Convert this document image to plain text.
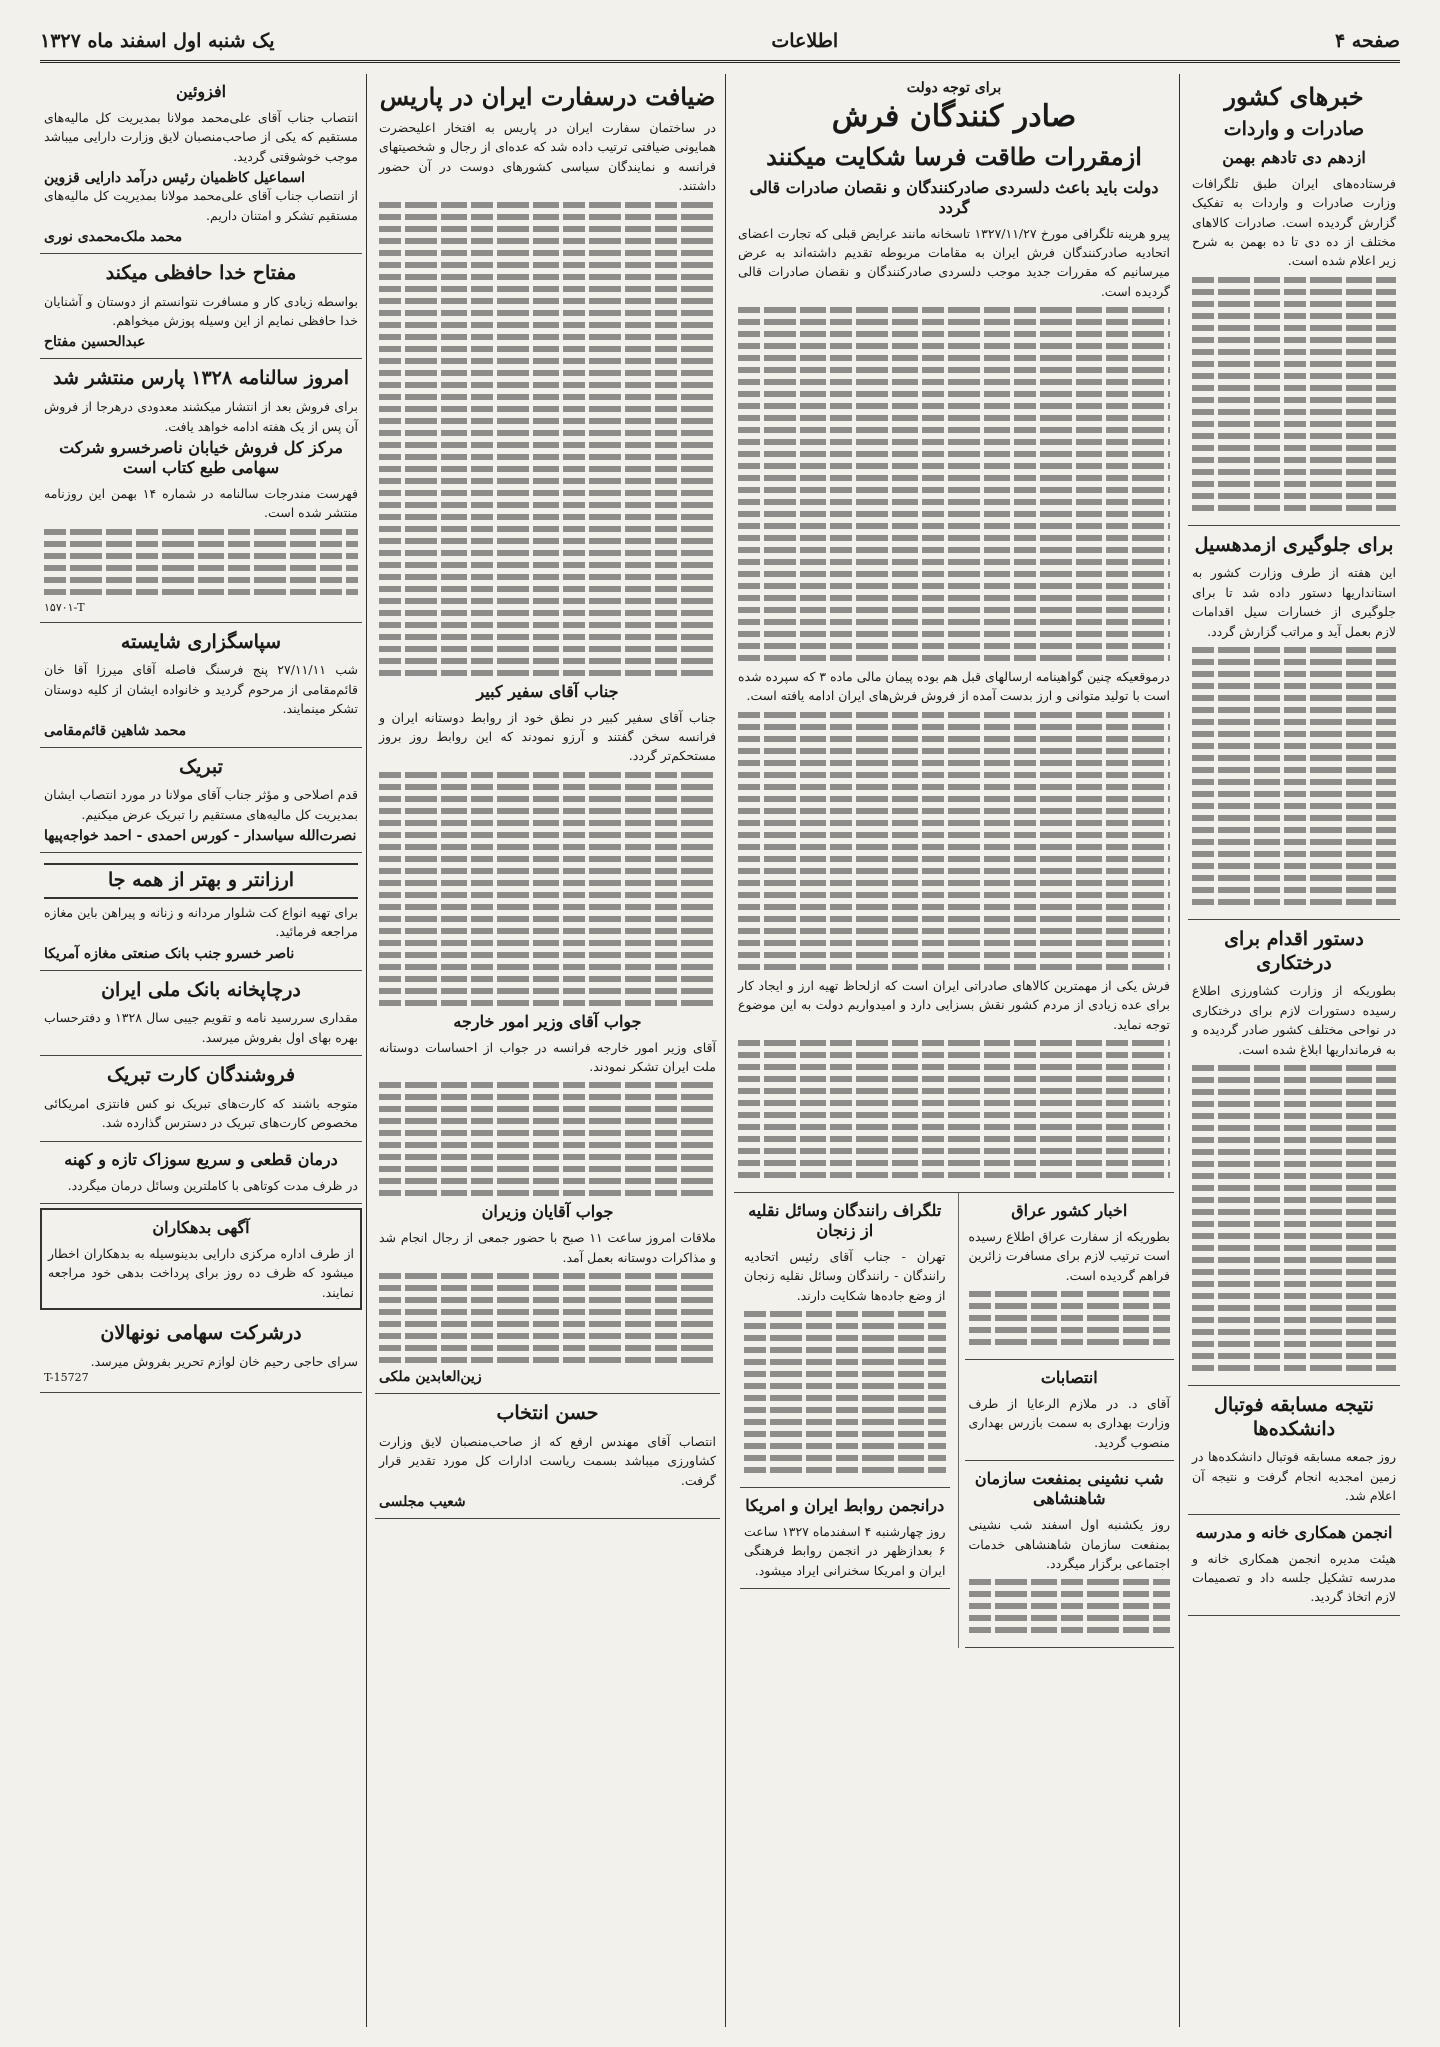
صفحه ۴
اطلاعات
یک شنبه اول اسفند ماه ۱۳۲۷
خبرهای کشور
صادرات و واردات
ازدهم دی تادهم بهمن
فرستاده‌های ایران طبق تلگرافات وزارت صادرات و واردات به تفکیک گزارش گردیده است. صادرات کالاهای مختلف از ده دی تا ده بهمن به شرح زیر اعلام شده است.
برای جلوگیری ازمدهسیل
این هفته از طرف وزارت کشور به استانداریها دستور داده شد تا برای جلوگیری از خسارات سیل اقدامات لازم بعمل آید و مراتب گزارش گردد.
دستور اقدام برای درختکاری
بطوریکه از وزارت کشاورزی اطلاع رسیده دستورات لازم برای درختکاری در نواحی مختلف کشور صادر گردیده و به فرمانداریها ابلاغ شده است.
نتیجه مسابقه فوتبال دانشکده‌ها
روز جمعه مسابقه فوتبال دانشکده‌ها در زمین امجدیه انجام گرفت و نتیجه آن اعلام شد.
انجمن همکاری خانه و مدرسه
هیئت مدیره انجمن همکاری خانه و مدرسه تشکیل جلسه داد و تصمیمات لازم اتخاذ گردید.
برای توجه دولت
صادر کنندگان فرش
ازمقررات طاقت فرسا شکایت میکنند
دولت باید باعث دلسردی صادرکنندگان و نقصان صادرات قالی گردد
پیرو هرینه تلگرافی مورخ ۱۳۲۷/۱۱/۲۷ تاسخانه مانند عرایض قبلی که تجارت اعضای اتحادیه صادرکنندگان فرش ایران به مقامات مربوطه تقدیم داشته‌اند به عرض میرسانیم که مقررات جدید موجب دلسردی صادرکنندگان و نقصان صادرات قالی گردیده است.
درموقعیکه چنین گواهینامه ارسالهای قبل هم بوده پیمان مالی ماده ۳ که سپرده شده است با تولید متوانی و ارز بدست آمده از فروش فرش‌های ایران ادامه یافته است.
فرش یکی از مهمترین کالاهای صادراتی ایران است که ازلحاظ تهیه ارز و ایجاد کار برای عده زیادی از مردم کشور نقش بسزایی دارد و امیدواریم دولت به این موضوع توجه نماید.
اخبار کشور عراق
بطوریکه از سفارت عراق اطلاع رسیده است ترتیب لازم برای مسافرت زائرین فراهم گردیده است.
انتصابات
آقای د. در ملازم الرعایا از طرف وزارت بهداری به سمت بازرس بهداری منصوب گردید.
شب نشینی بمنفعت سازمان شاهنشاهی
روز یکشنبه اول اسفند شب نشینی بمنفعت سازمان شاهنشاهی خدمات اجتماعی برگزار میگردد.
تلگراف رانندگان وسائل نقلیه از زنجان
تهران - جناب آقای رئیس اتحادیه رانندگان - رانندگان وسائل نقلیه زنجان از وضع جاده‌ها شکایت دارند.
درانجمن روابط ایران و امریکا
روز چهارشنبه ۴ اسفندماه ۱۳۲۷ ساعت ۶ بعدازظهر در انجمن روابط فرهنگی ایران و امریکا سخنرانی ایراد میشود.
ضیافت درسفارت ایران در پاریس
در ساختمان سفارت ایران در پاریس به افتخار اعلیحضرت همایونی ضیافتی ترتیب داده شد که عده‌ای از رجال و شخصیتهای فرانسه و نمایندگان سیاسی کشورهای دوست در آن حضور داشتند.
جناب آقای سفیر کبیر
جناب آقای سفیر کبیر در نطق خود از روابط دوستانه ایران و فرانسه سخن گفتند و آرزو نمودند که این روابط روز بروز مستحکم‌تر گردد.
جواب آقای وزیر امور خارجه
آقای وزیر امور خارجه فرانسه در جواب از احساسات دوستانه ملت ایران تشکر نمودند.
جواب آقایان وزیران
ملاقات امروز ساعت ۱۱ صبح با حضور جمعی از رجال انجام شد و مذاکرات دوستانه بعمل آمد.
زین‌العابدین ملکی
حسن انتخاب
انتصاب آقای مهندس ارفع که از صاحب‌منصبان لایق وزارت کشاورزی میباشد بسمت ریاست ادارات کل مورد تقدیر قرار گرفت.
شعیب مجلسی
افزوئین
انتصاب جناب آقای علی‌محمد مولانا بمدیریت کل مالیه‌های مستقیم که یکی از صاحب‌منصبان لایق وزارت دارایی میباشد موجب خوشوقتی گردید.
اسماعیل کاظمیان رئیس درآمد دارایی قزوین
از انتصاب جناب آقای علی‌محمد مولانا بمدیریت کل مالیه‌های مستقیم تشکر و امتنان داریم.
محمد ملک‌محمدی نوری
مفتاح خدا حافظی میکند
بواسطه زیادی کار و مسافرت نتوانستم از دوستان و آشنایان خدا حافظی نمایم از این وسیله پوزش میخواهم.
عبدالحسین مفتاح
امروز سالنامه ۱۳۲۸ پارس منتشر شد
برای فروش بعد از انتشار میکشند معدودی درهرجا از فروش آن پس از یک هفته ادامه خواهد یافت.
مرکز کل فروش خیابان ناصرخسرو شرکت سهامی طبع کتاب است
فهرست مندرجات سالنامه در شماره ۱۴ بهمن این روزنامه منتشر شده است.
۱۵۷۰۱-T
سپاسگزاری شایسته
شب ۲۷/۱۱/۱۱ پنج فرسنگ فاصله آقای میرزا آقا خان قائم‌مقامی از مرحوم گردید و خانواده ایشان از کلیه دوستان تشکر مینمایند.
محمد شاهین قائم‌مقامی
تبریک
قدم اصلاحی و مؤثر جناب آقای مولانا در مورد انتصاب ایشان بمدیریت کل مالیه‌های مستقیم را تبریک عرض میکنیم.
نصرت‌الله سیاسدار - کورس احمدی - احمد خواجه‌پیها
ارزانتر و بهتر از همه جا
برای تهیه انواع کت شلوار مردانه و زنانه و پیراهن باین مغازه مراجعه فرمائید.
ناصر خسرو جنب بانک صنعتی مغازه آمریکا
درچاپخانه بانک ملی ایران
مقداری سررسید نامه و تقویم جیبی سال ۱۳۲۸ و دفترحساب بهره بهای اول بفروش میرسد.
فروشندگان کارت تبریک
متوجه باشند که کارت‌های تبریک نو کس فانتزی امریکائی مخصوص کارت‌های تبریک در دسترس گذارده شد.
درمان قطعی و سریع سوزاک تازه و کهنه
در ظرف مدت کوتاهی با کاملترین وسائل درمان میگردد.
آگهی بدهکاران
از طرف اداره مرکزی دارایی بدینوسیله به بدهکاران اخطار میشود که ظرف ده روز برای پرداخت بدهی خود مراجعه نمایند.
درشرکت سهامی نونهالان
سرای حاجی رحیم خان لوازم تحریر بفروش میرسد.
T-15727
